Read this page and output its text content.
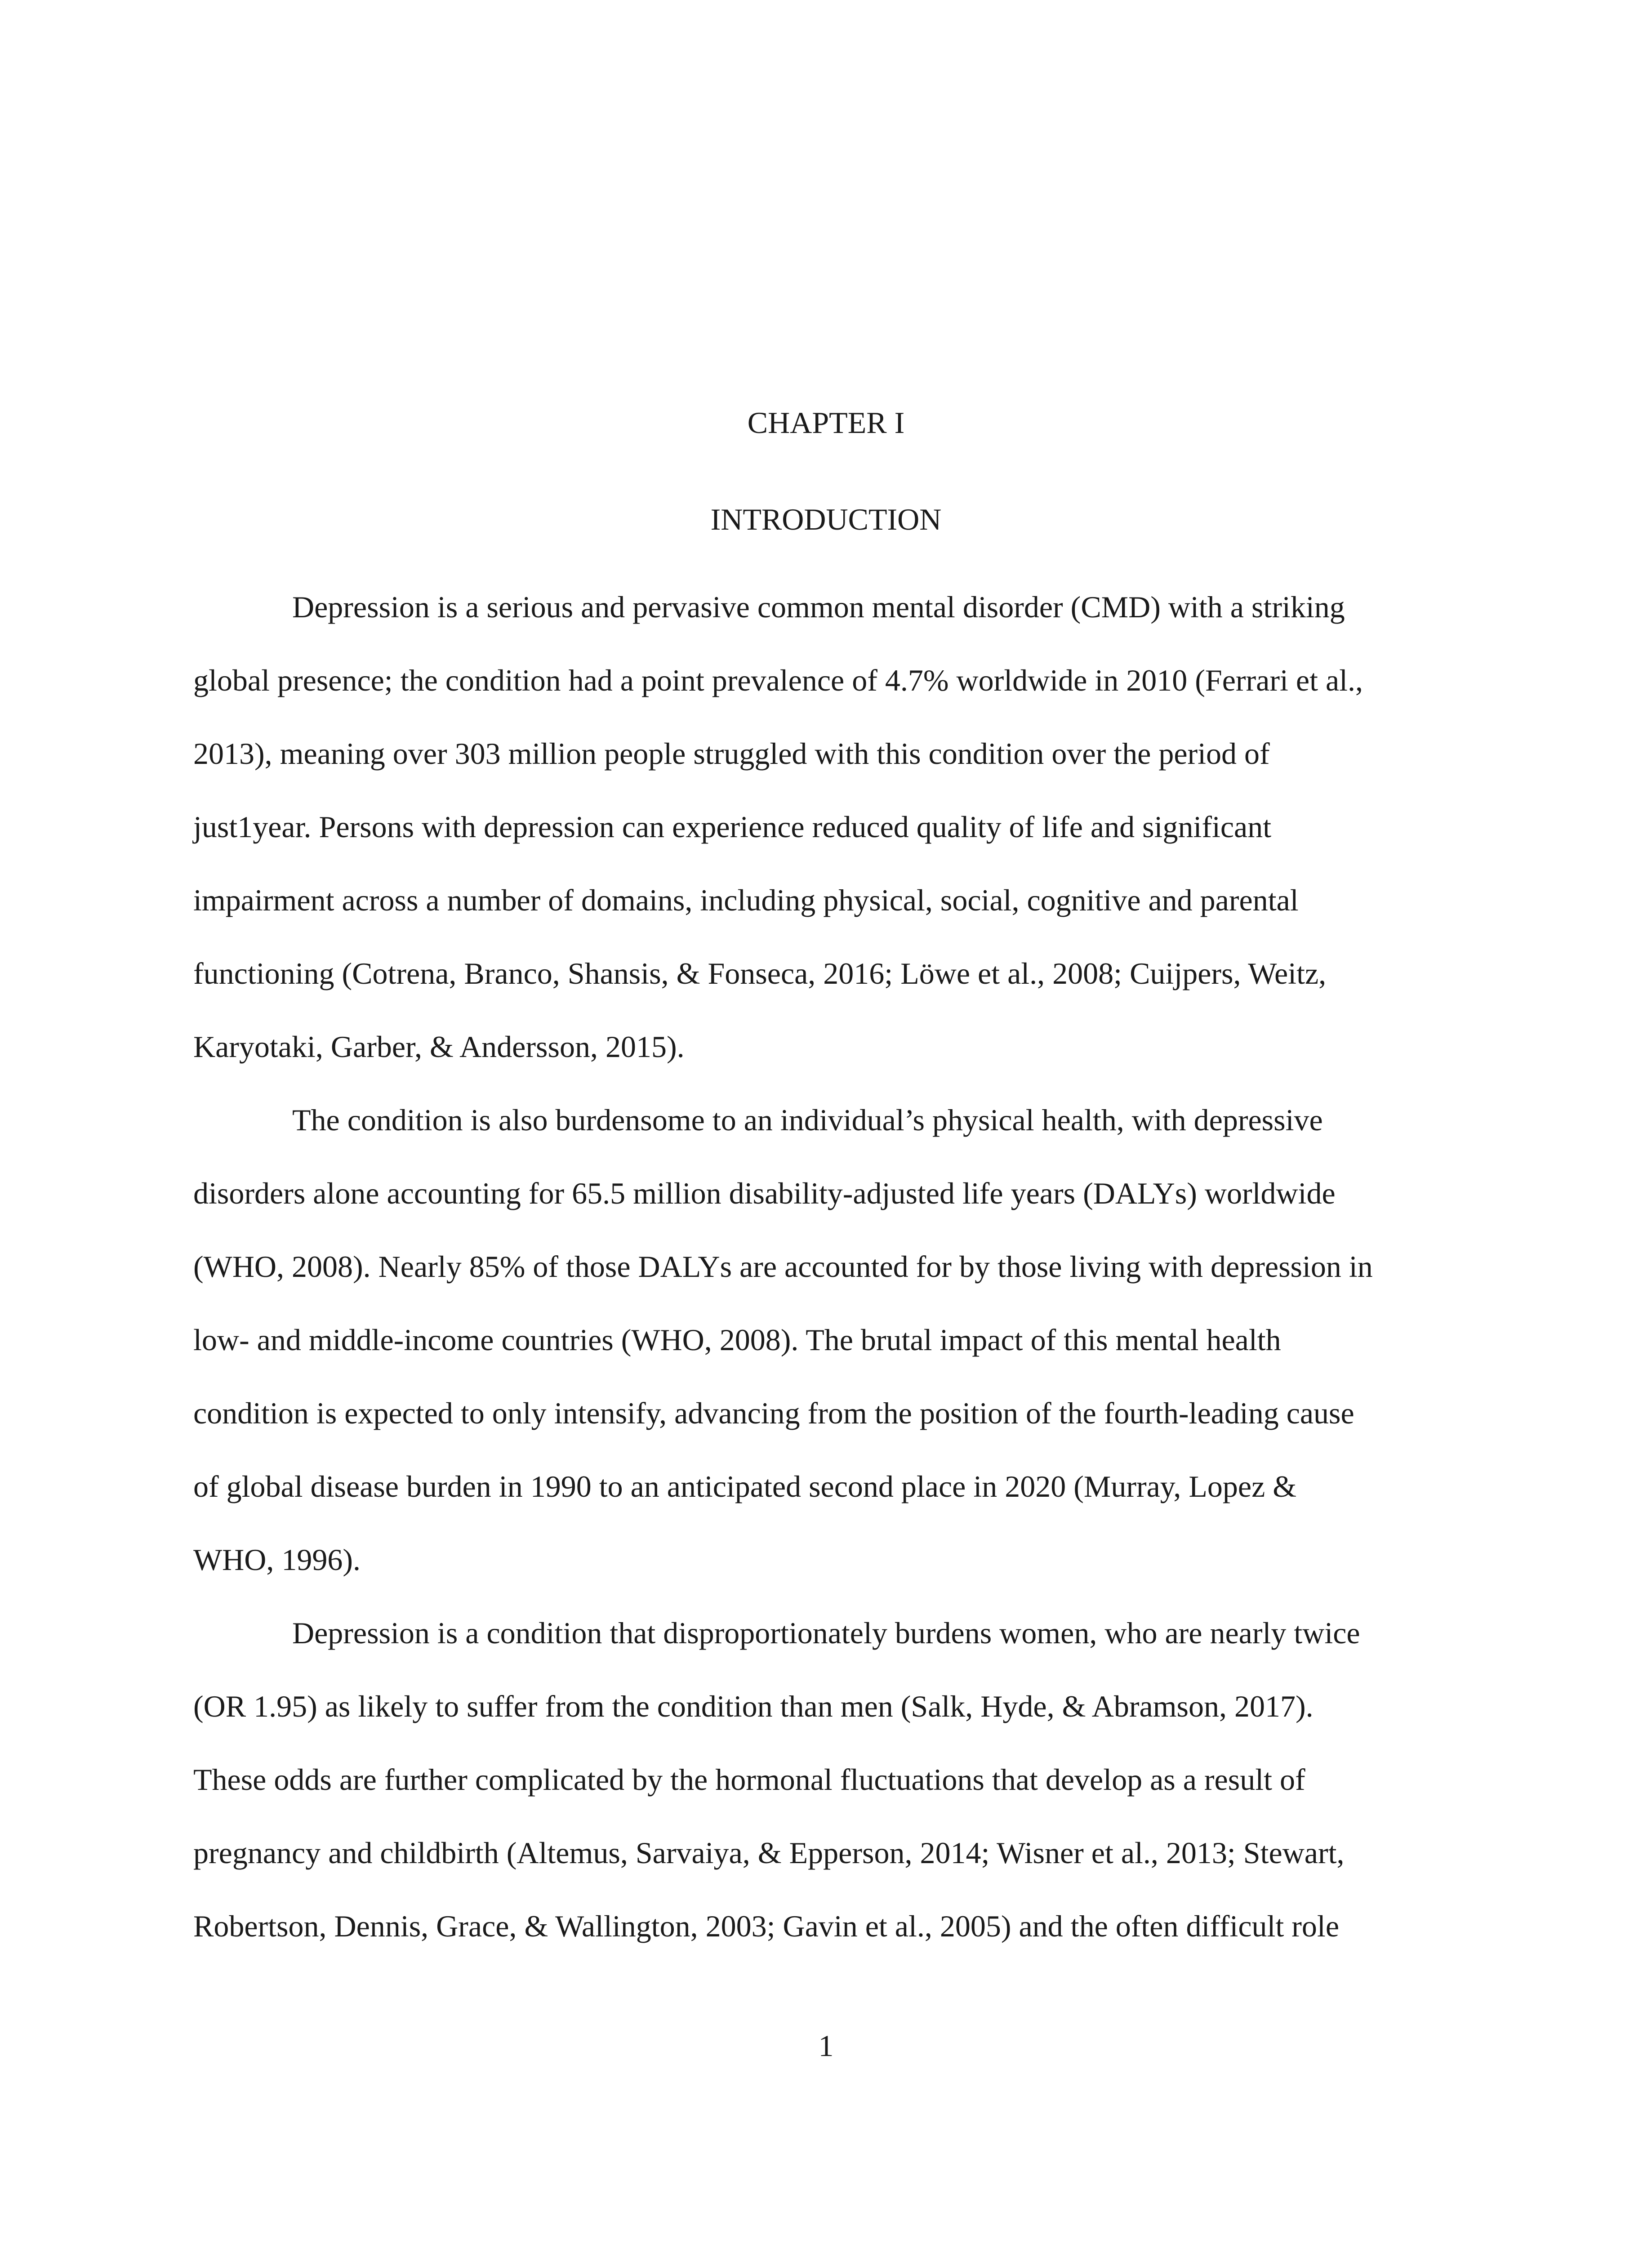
CHAPTER I
INTRODUCTION

Depression is a serious and pervasive common mental disorder (CMD) with a striking

global presence; the condition had a point prevalence of 4.7% worldwide in 2010 (Ferrari et al.,

2013), meaning over 303 million people struggled with this condition over the period of

just1year. Persons with depression can experience reduced quality of life and significant

impairment across a number of domains, including physical, social, cognitive and parental

functioning (Cotrena, Branco, Shansis, & Fonseca, 2016; Löwe et al., 2008; Cuijpers, Weitz,

Karyotaki, Garber, & Andersson, 2015).

The condition is also burdensome to an individual’s physical health, with depressive

disorders alone accounting for 65.5 million disability-adjusted life years (DALYs) worldwide

(WHO, 2008). Nearly 85% of those DALYs are accounted for by those living with depression in

low- and middle-income countries (WHO, 2008). The brutal impact of this mental health

condition is expected to only intensify, advancing from the position of the fourth-leading cause

of global disease burden in 1990 to an anticipated second place in 2020 (Murray, Lopez &

WHO, 1996).

Depression is a condition that disproportionately burdens women, who are nearly twice

(OR 1.95) as likely to suffer from the condition than men (Salk, Hyde, & Abramson, 2017).

These odds are further complicated by the hormonal fluctuations that develop as a result of

pregnancy and childbirth (Altemus, Sarvaiya, & Epperson, 2014; Wisner et al., 2013; Stewart,

Robertson, Dennis, Grace, & Wallington, 2003; Gavin et al., 2005) and the often difficult role

1
